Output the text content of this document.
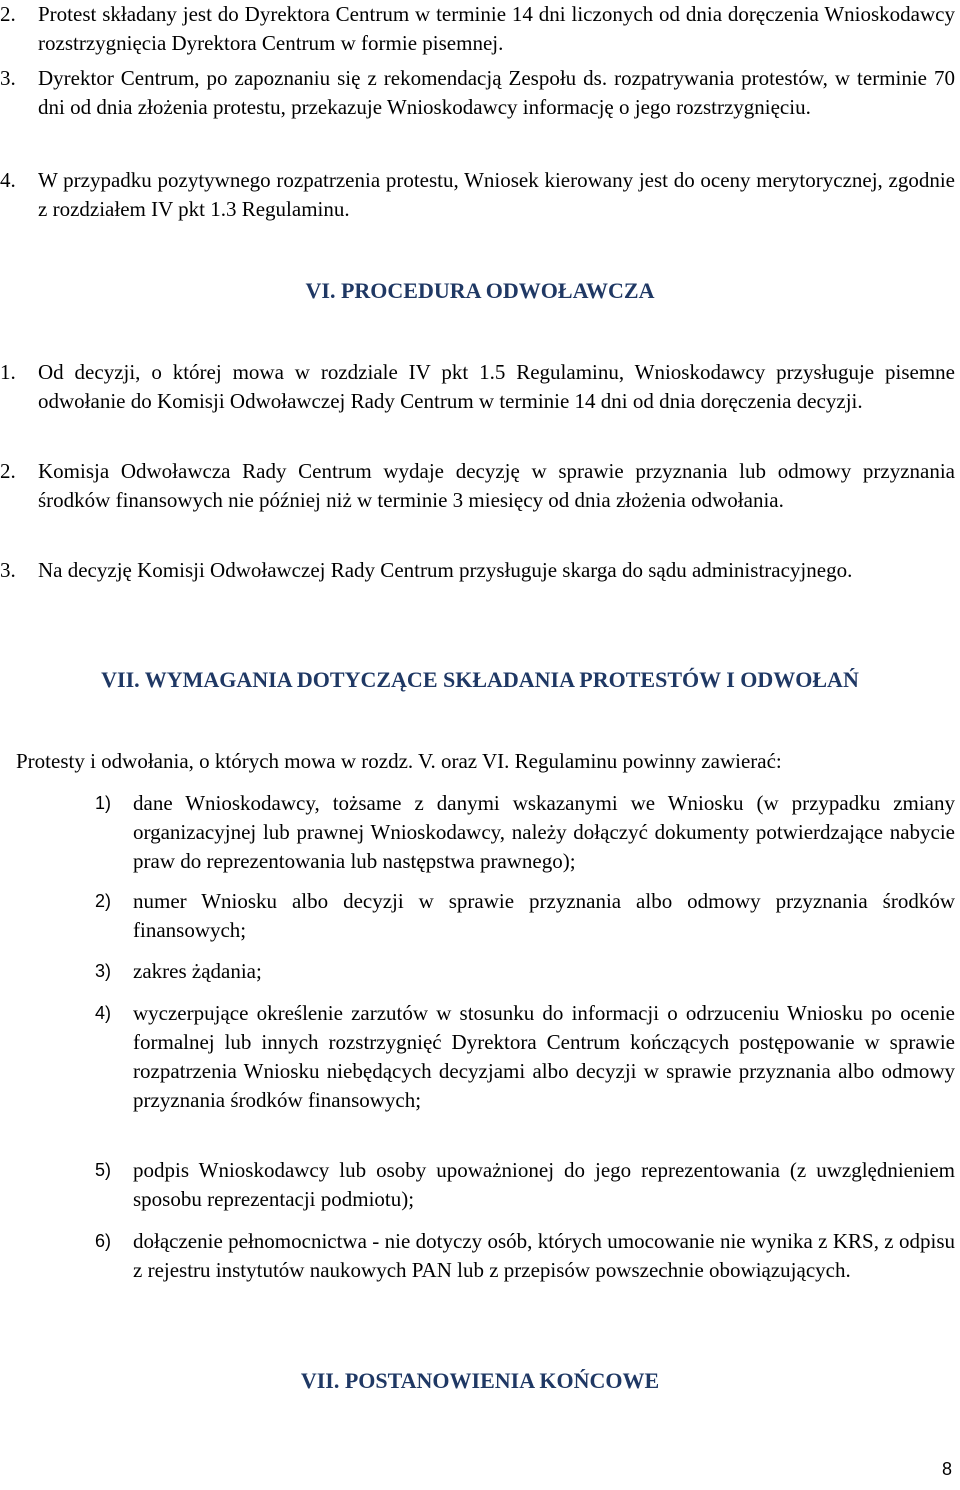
2.	Protest składany jest do Dyrektora Centrum w terminie 14 dni liczonych od dnia doręczenia Wnioskodawcy rozstrzygnięcia Dyrektora Centrum w formie pisemnej.
3.	Dyrektor Centrum, po zapoznaniu się z rekomendacją Zespołu ds. rozpatrywania protestów, w terminie 70 dni od dnia złożenia protestu, przekazuje Wnioskodawcy informację o jego rozstrzygnięciu.
4.	W przypadku pozytywnego rozpatrzenia protestu, Wniosek kierowany jest do oceny merytorycznej, zgodnie z rozdziałem IV pkt 1.3 Regulaminu.
VI. PROCEDURA ODWOŁAWCZA
1.	Od decyzji, o której mowa w rozdziale IV pkt 1.5 Regulaminu, Wnioskodawcy przysługuje pisemne odwołanie do Komisji Odwoławczej Rady Centrum w terminie 14 dni od dnia doręczenia decyzji.
2.	Komisja Odwoławcza Rady Centrum wydaje decyzję w sprawie przyznania lub odmowy przyznania środków finansowych nie później niż w terminie 3 miesięcy od dnia złożenia odwołania.
3.	Na decyzję Komisji Odwoławczej Rady Centrum przysługuje skarga do sądu administracyjnego.
VII. WYMAGANIA DOTYCZĄCE SKŁADANIA PROTESTÓW I ODWOŁAŃ
Protesty i odwołania, o których mowa w rozdz. V. oraz VI. Regulaminu powinny zawierać:
1) dane Wnioskodawcy, tożsame z danymi wskazanymi we Wniosku (w przypadku zmiany organizacyjnej lub prawnej Wnioskodawcy, należy dołączyć dokumenty potwierdzające nabycie praw do reprezentowania lub następstwa prawnego);
2) numer Wniosku albo decyzji w sprawie przyznania albo odmowy przyznania środków finansowych;
3) zakres żądania;
4) wyczerpujące określenie zarzutów w stosunku do informacji o odrzuceniu Wniosku po ocenie formalnej lub innych rozstrzygnięć Dyrektora Centrum kończących postępowanie w sprawie rozpatrzenia Wniosku niebędących decyzjami albo decyzji w sprawie przyznania albo odmowy przyznania środków finansowych;
5) podpis Wnioskodawcy lub osoby upoważnionej do jego reprezentowania (z uwzględnieniem sposobu reprezentacji podmiotu);
6) dołączenie pełnomocnictwa - nie dotyczy osób, których umocowanie nie wynika z KRS, z odpisu z rejestru instytutów naukowych PAN lub z przepisów powszechnie obowiązujących.
VII. POSTANOWIENIA KOŃCOWE
8
